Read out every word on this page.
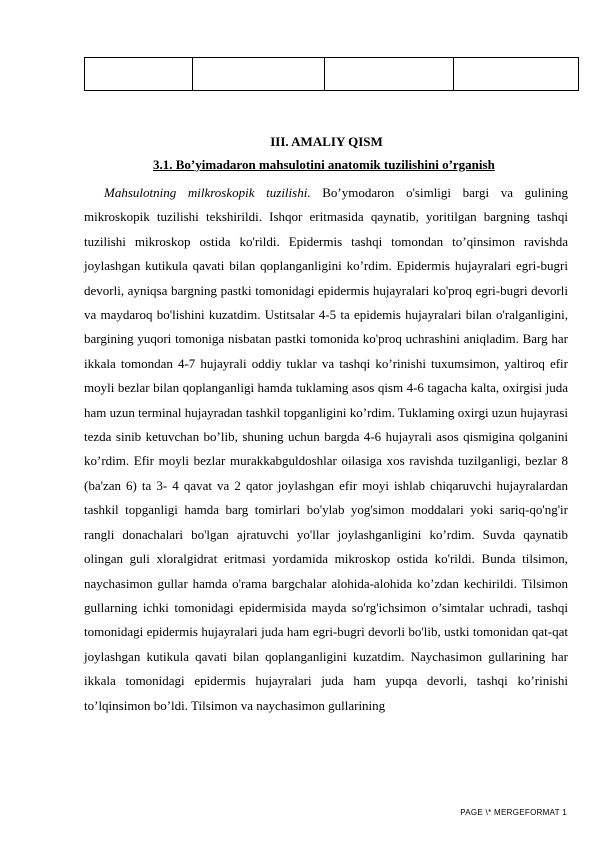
III. AMALIY QISM
3.1. Bo’yimadaron mahsulotini anatomik tuzilishini o’rganish

Mahsulotning milkroskopik tuzilishi. Bo’ymodaron o'simligi bargi va gulining mikroskopik tuzilishi tekshirildi. Ishqor eritmasida qaynatib, yoritilgan bargning tashqi tuzilishi mikroskop ostida ko'rildi. Epidermis tashqi tomondan to’qinsimon ravishda joylashgan kutikula qavati bilan qoplanganligini ko’rdim. Epidermis hujayralari egri-bugri devorli, ayniqsa bargning pastki tomonidagi epidermis hujayralari ko'proq egri-bugri devorli va maydaroq bo'lishini kuzatdim. Ustitsalar 4-5 ta epidemis hujayralari bilan o'ralganligini, bargining yuqori tomoniga nisbatan pastki tomonida ko'proq uchrashini aniqladim. Barg har ikkala tomondan 4-7 hujayrali oddiy tuklar va tashqi ko’rinishi tuxumsimon, yaltiroq efir moyli bezlar bilan qoplanganligi hamda tuklaming asos qism 4-6 tagacha kalta, oxirgisi juda ham uzun terminal hujayradan tashkil topganligini ko’rdim. Tuklaming oxirgi uzun hujayrasi tezda sinib ketuvchan bo’lib, shuning uchun bargda 4-6 hujayrali asos qismigina qolganini ko’rdim. Efir moyli bezlar murakkabguldoshlar oilasiga xos ravishda tuzilganligi, bezlar 8 (ba'zan 6) ta 3- 4 qavat va 2 qator joylashgan efir moyi ishlab chiqaruvchi hujayralardan tashkil topganligi hamda barg tomirlari bo'ylab yog'simon moddalari yoki sariq-qo'ng'ir rangli donachalari bo'lgan ajratuvchi yo'llar joylashganligini ko’rdim. Suvda qaynatib olingan guli xloralgidrat eritmasi yordamida mikroskop ostida ko'rildi. Bunda tilsimon, naychasimon gullar hamda o'rama bargchalar alohida-alohida ko’zdan kechirildi. Tilsimon gullarning ichki tomonidagi epidermisida mayda so'rg'ichsimon o’simtalar uchradi, tashqi tomonidagi epidermis hujayralari juda ham egri-bugri devorli bo'lib, ustki tomonidan qat-qat joylashgan kutikula qavati bilan qoplanganligini kuzatdim. Naychasimon gullarining har ikkala tomonidagi epidermis hujayralari juda ham yupqa devorli, tashqi ko’rinishi to’lqinsimon bo’ldi. Tilsimon va naychasimon gullarining

PAGE \* MERGEFORMAT 1
